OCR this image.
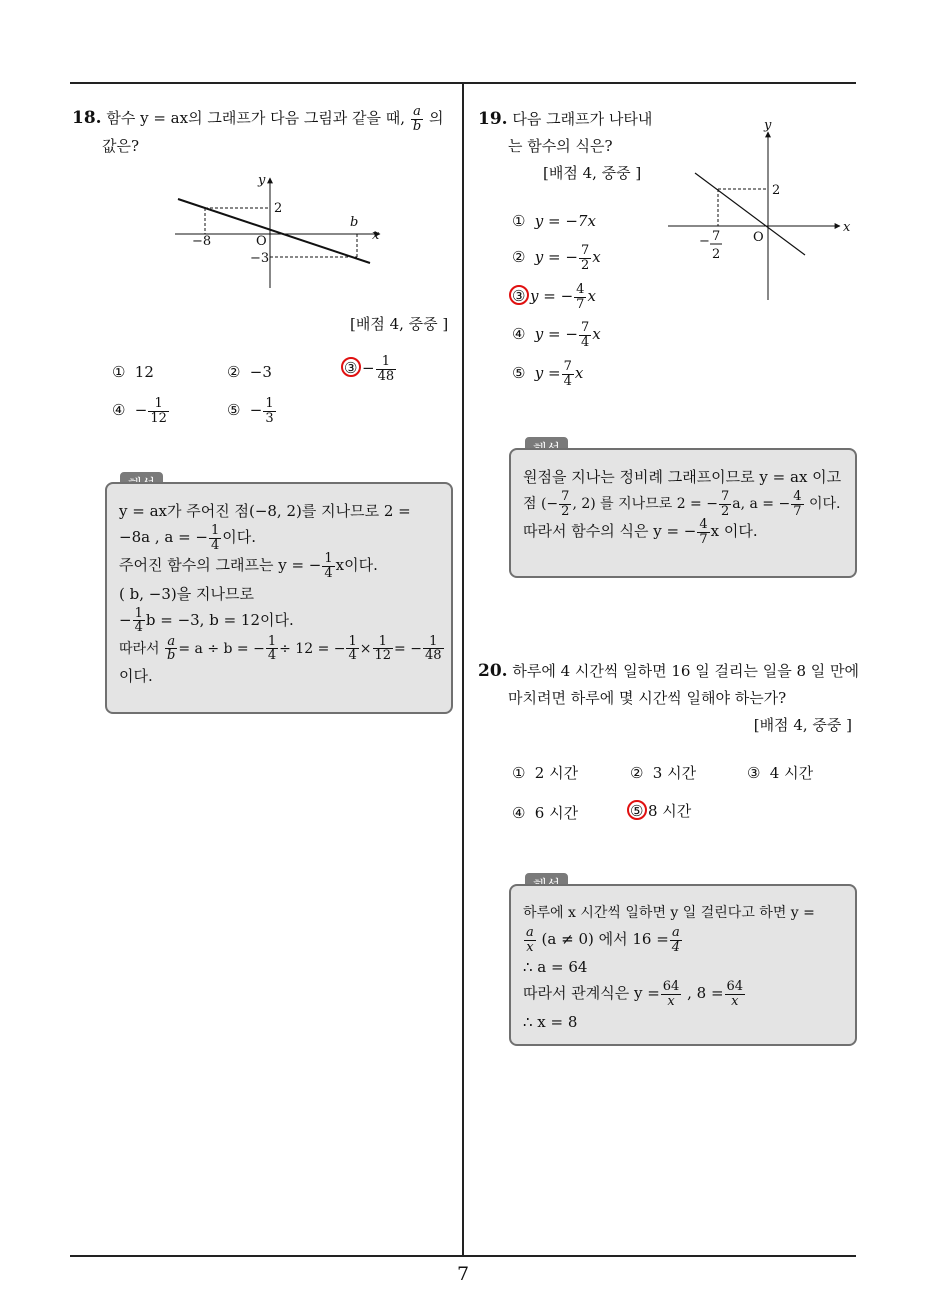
7
18. 함수 y = ax의 그래프가 다음 그림과 같을 때, $\frac{a}{b}$ 의
값은?
y
x
O
2
b
−8
−3
[배점 4, 중중 ]
① 12	② −3	③ − $\frac{1}{48}$
④ − $\frac{1}{12}$	⑤ − $\frac{1}{3}$
y = ax가 주어진 점(−8, 2)를 지나므로 2 =
−8a , a = − $\frac{1}{4}$ 이다.
주어진 함수의 그래프는 y = − $\frac{1}{4}$ x이다.
( b, −3)을 지나므로
− $\frac{1}{4}$ b = −3, b = 12이다.
따라서 $\frac{a}{b} = a \div b$ = − $\frac{1}{4} \div 12$ = − $\frac{1}{4} \times \frac{1}{12}$ = − $\frac{1}{48}$
이다.
19. 다음 그래프가 나타내
는 함수의 식은?
[배점 4, 중중 ]
① y = −7x
② y = − $\frac{7}{2}$ x
③ y = − $\frac{4}{7}$ x
④ y = − $\frac{7}{4}$ x
⑤ $y = \frac{7}{4}$ x
y
x
O
2
− 7
2
원점을 지나는 정비례 그래프이므로 y = ax 이고
점 (− $\frac{7}{2}$ , 2) 를 지나므로 2 = − $\frac{7}{2} a$, a = − $\frac{4}{7}$ 이다.
따라서 함수의 식은 y = − $\frac{4}{7}$ x 이다.
20. 하루에 4 시간씩 일하면 16 일 걸리는 일을 8 일 만에
마치려면 하루에 몇 시간씩 일해야 하는가?
[배점 4, 중중 ]
① 2 시간	② 3 시간	③ 4 시간
④ 6 시간	⑤ 8 시간
하루에 x 시간씩 일하면 y 일 걸린다고 하면 y =
$\frac{a}{x} (a \ne 0)$ 에서 $16 = \frac{a}{4}$
∴ a = 64
따라서 관계식은 $y = \frac{64}{x}$ , $8 = \frac{64}{x}$
∴ x = 8
